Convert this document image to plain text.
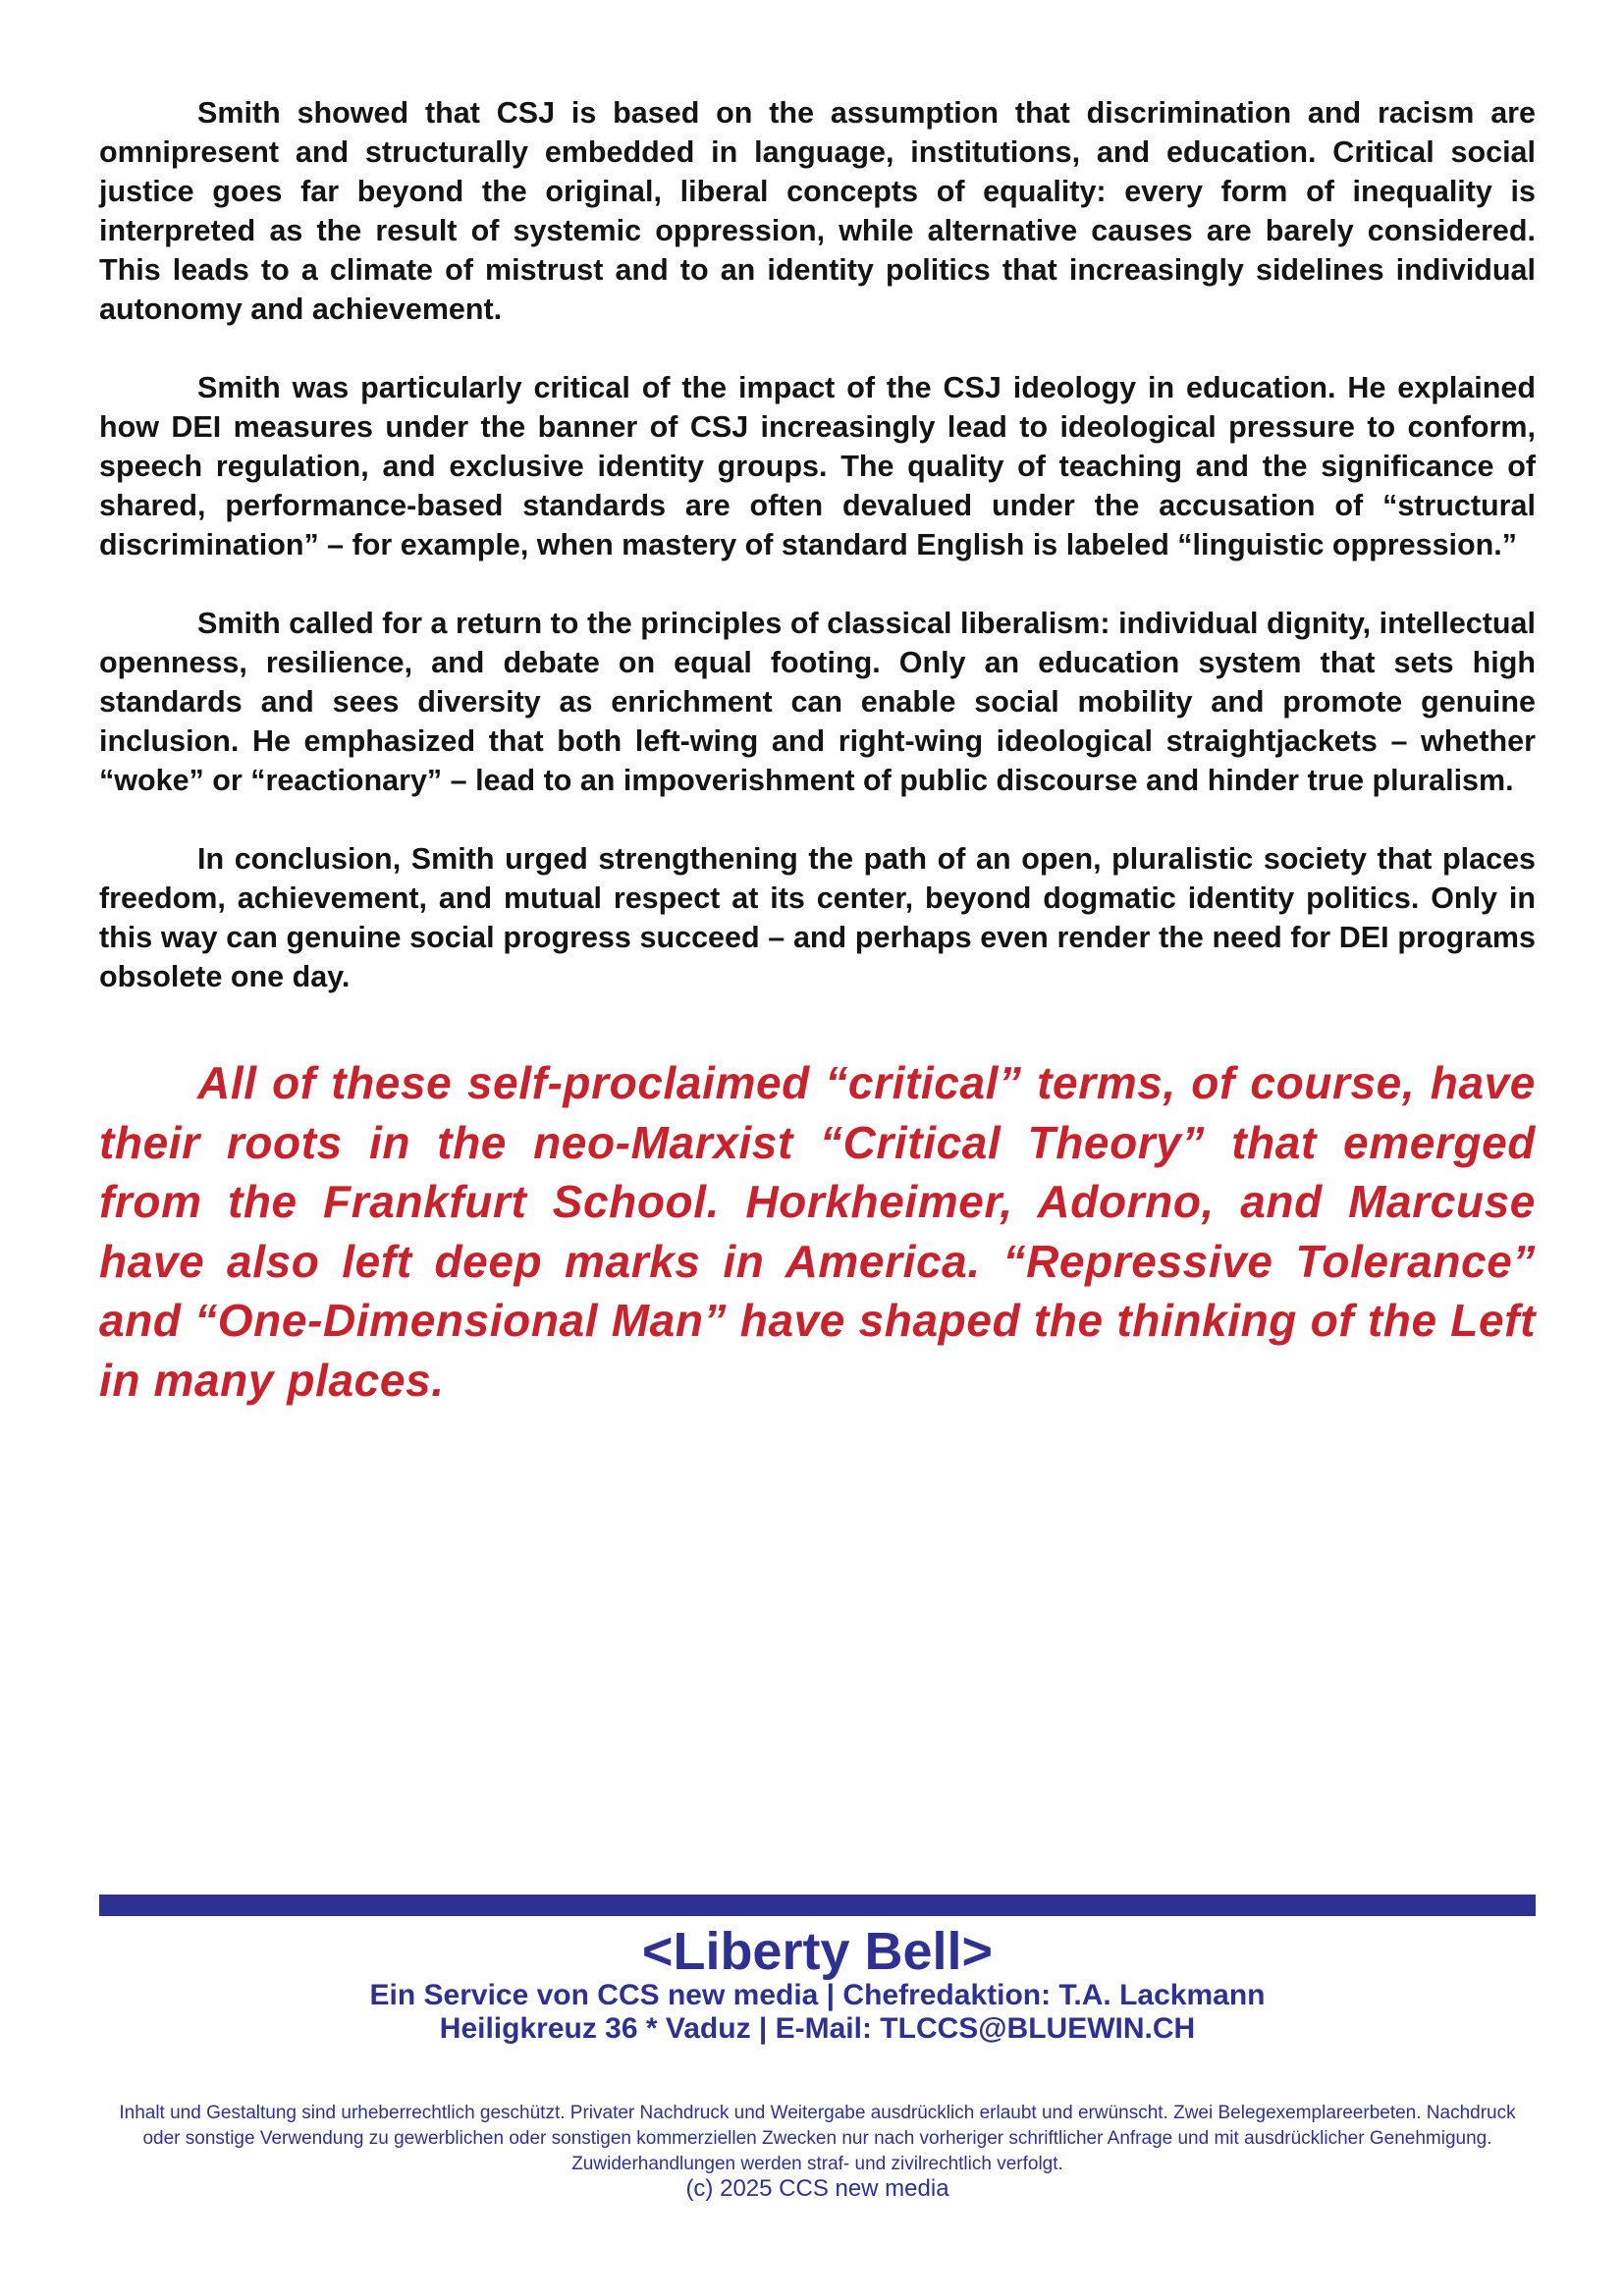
Smith showed that CSJ is based on the assumption that discrimination and racism are omnipresent and structurally embedded in language, institutions, and education. Critical social justice goes far beyond the original, liberal concepts of equality: every form of inequality is interpreted as the result of systemic oppression, while alternative causes are barely considered. This leads to a climate of mistrust and to an identity politics that increasingly sidelines individual autonomy and achievement.

Smith was particularly critical of the impact of the CSJ ideology in education. He explained how DEI measures under the banner of CSJ increasingly lead to ideological pressure to conform, speech regulation, and exclusive identity groups. The quality of teaching and the significance of shared, performance-based standards are often devalued under the accusation of “structural discrimination” – for example, when mastery of standard English is labeled “linguistic oppression.”

Smith called for a return to the principles of classical liberalism: individual dignity, intellectual openness, resilience, and debate on equal footing. Only an education system that sets high standards and sees diversity as enrichment can enable social mobility and promote genuine inclusion. He emphasized that both left-wing and right-wing ideological straightjackets – whether “woke” or “reactionary” – lead to an impoverishment of public discourse and hinder true pluralism.

In conclusion, Smith urged strengthening the path of an open, pluralistic society that places freedom, achievement, and mutual respect at its center, beyond dogmatic identity politics. Only in this way can genuine social progress succeed – and perhaps even render the need for DEI programs obsolete one day.

All of these self-proclaimed “critical” terms, of course, have their roots in the neo-Marxist “Critical Theory” that emerged from the Frankfurt School. Horkheimer, Adorno, and Marcuse have also left deep marks in America. “Repressive Tolerance” and “One-Dimensional Man” have shaped the thinking of the Left in many places.

<Liberty Bell>

Ein Service von CCS new media | Chefredaktion: T.A. Lackmann

Heiligkreuz 36 * Vaduz | E-Mail: TLCCS@BLUEWIN.CH

Inhalt und Gestaltung sind urheberrechtlich geschützt. Privater Nachdruck und Weitergabe ausdrücklich erlaubt und erwünscht. Zwei Belegexemplareerbeten. Nachdruck oder sonstige Verwendung zu gewerblichen oder sonstigen kommerziellen Zwecken nur nach vorheriger schriftlicher Anfrage und mit ausdrücklicher Genehmigung. Zuwiderhandlungen werden straf- und zivilrechtlich verfolgt.

(c) 2025 CCS new media
